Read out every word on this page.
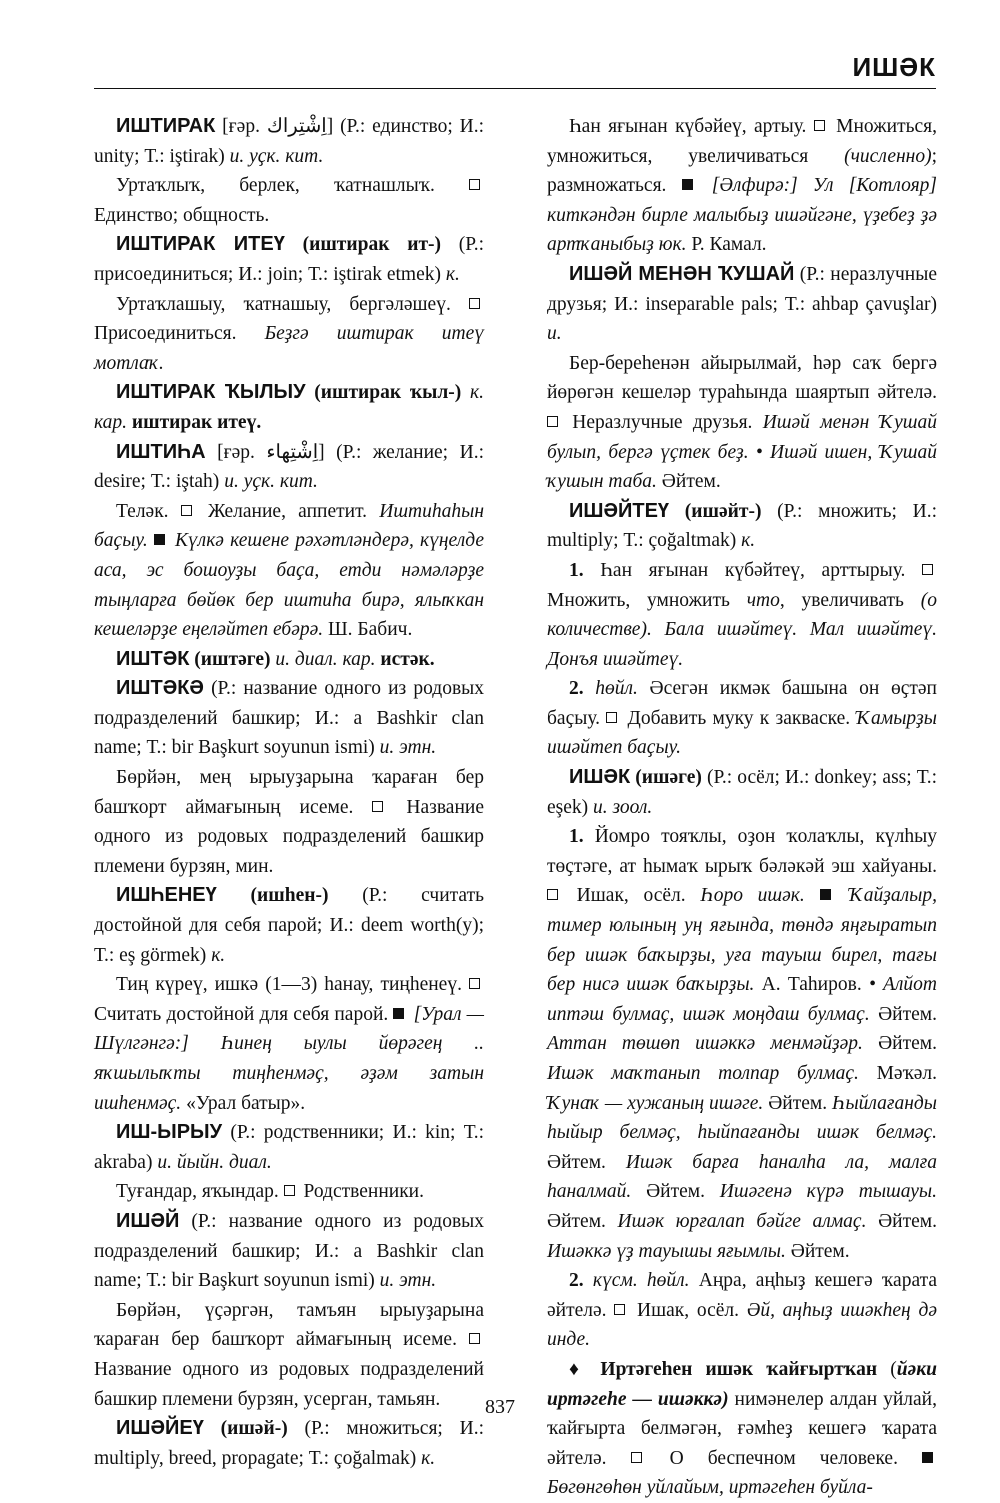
ИШӘК

ИШТИРАК [ғәр. اِشْتِراك] (Р.: единство; И.: unity; Т.: iştirak) и. уҫк. кит.

Уртаҡлыҡ, берлек, ҡатнашлыҡ.  Единство; общность.

ИШТИРАК ИТЕҮ (иштирак ит-) (Р.: присоединиться; И.: join; Т.: iştirak etmek) к.

Уртаҡлашыу, ҡатнашыу, бергәләшеү.  Присоединиться. Беҙгә иштирак итеү мотлаҡ.

ИШТИРАК ҠЫЛЫУ (иштирак ҡыл-) к. кар. иштирак итеү.

ИШТИҺА [ғәр. اِشْتِهاء] (Р.: желание; И.: desire; Т.: iştah) и. уҫк. кит.

Теләк.  Желание, аппетит. Иштиһаһын баҫыу.  Күлкә кешене рәхәтләндерә, күңелде аса, эс бошоуҙы баҫа, етди нәмәләрҙе тыңларға бөйөк бер иштиһа бирә, ялыҡкан кешеләрҙе еңеләйтеп ебәрә. Ш. Бабич.

ИШТӘК (иштәге) и. диал. кар. истәк.

ИШТӘКӘ (Р.: название одного из родовых подразделений башкир; И.: a Bashkir clan name; Т.: bir Başkurt soyunun ismi) и. этн.

Бөрйән, мең ырыуҙарына ҡараған бер башҡорт аймағының исеме.  Название одного из родовых подразделений башкир племени бурзян, мин.

ИШҺЕНЕҮ (ишһен-) (Р.: считать достойной для себя парой; И.: deem worth(y); Т.: eş görmek) к.

Тиң күреү, ишкә (1—3) һанау, тиңһенеү.  Считать достойной для себя парой.  [Урал — Шүлгәнгә:] Һинең ыулы йөрәгең .. яҡшылыҡты тиңһенмәҫ, әҙәм затын ишһенмәҫ. «Урал батыр».

ИШ-ЫРЫУ (Р.: родственники; И.: kin; Т.: akraba) и. йыйн. диал.

Туғандар, яҡындар.  Родственники.

ИШӘЙ (Р.: название одного из родовых подразделений башкир; И.: a Bashkir clan name; Т.: bir Başkurt soyunun ismi) и. этн.

Бөрйән, үҫәргән, тамъян ырыуҙарына ҡараған бер башҡорт аймағының исеме.  Название одного из родовых подразделений башкир племени бурзян, усерган, тамьян.

ИШӘЙЕҮ (ишәй-) (Р.: множиться; И.: multiply, breed, propagate; Т.: çoğalmak) к.

Һан яғынан күбәйеү, артыу.  Множиться, умножиться, увеличиваться (численно); размножаться.  [Әлфирә:] Ул [Котлояр] киткәндән бирле малыбыҙ ишәйгәне, үҙебеҙ ҙә артҡаныбыҙ юк. Р. Камал.

ИШӘЙ МЕНӘН ҠУШАЙ (Р.: неразлучные друзья; И.: inseparable pals; Т.: ahbap çavuşlar) и.

Бер-береһенән айырылмай, һәр саҡ бергә йөрөгән кешеләр тураһында шаяртып әйтелә.  Неразлучные друзья. Ишәй менән Ҡушай булып, бергә үҫтек беҙ. • Ишәй ишен, Ҡушай ҡушын таба. Әйтем.

ИШӘЙТЕҮ (ишәйт-) (Р.: множить; И.: multiply; Т.: çoğaltmak) к.

1. Һан яғынан күбәйтеү, арттырыу.  Множить, умножить что, увеличивать (о количестве). Бала ишәйтеү. Мал ишәйтеү. Донъя ишәйтеү.

2. һөйл. Әсегән икмәк башына он өҫтәп баҫыу.  Добавить муку к закваске. Ҡамырҙы ишәйтеп баҫыу.

ИШӘК (ишәге) (Р.: осёл; И.: donkey; ass; Т.: eşek) и. зоол.

1. Йомро тояҡлы, оҙон ҡолаҡлы, күлһыу төҫтәге, ат һымаҡ ырыҡ бәләкәй эш хайуаны.  Ишак, осёл. Һоро ишәк.  Ҡайҙалыр, тимер юлының уң яғында, төндә яңғыратып бер ишәк баҡырҙы, уға тауыш бирел, тағы бер нисә ишәк баҡырҙы. А. Таһиров. • Алйот иптәш булмаҫ, ишәк моңдаш булмаҫ. Әйтем. Аттан төшөп ишәккә менмәйҙәр. Әйтем. Ишәк маҡтанып толпар булмаҫ. Мәҡәл. Ҡунаҡ — хужаның ишәге. Әйтем. Һыйлағанды һыйыр белмәҫ, һыйпағанды ишәк белмәҫ. Әйтем. Ишәк барға һаналһа ла, малға һаналмай. Әйтем. Ишәгенә күрә тышауы. Әйтем. Ишәк юрғалап бәйге алмаҫ. Әйтем. Ишәккә үҙ тауышы яғымлы. Әйтем.

2. күсм. һөйл. Аңра, аңһыҙ кешегә ҡарата әйтелә.  Ишак, осёл. Әй, аңһыҙ ишәкһең дә инде.

♦ Иртәгеһен ишәк ҡайғыртҡан (йәки иртәгеһе — ишәккә) нимәнелер алдан уйлай, ҡайғырта белмәгән, ғәмһеҙ кешегә ҡарата әйтелә.  О беспечном человеке.  Бөгөнгөһөн уйлайым, иртәгеһен буйла-

837
